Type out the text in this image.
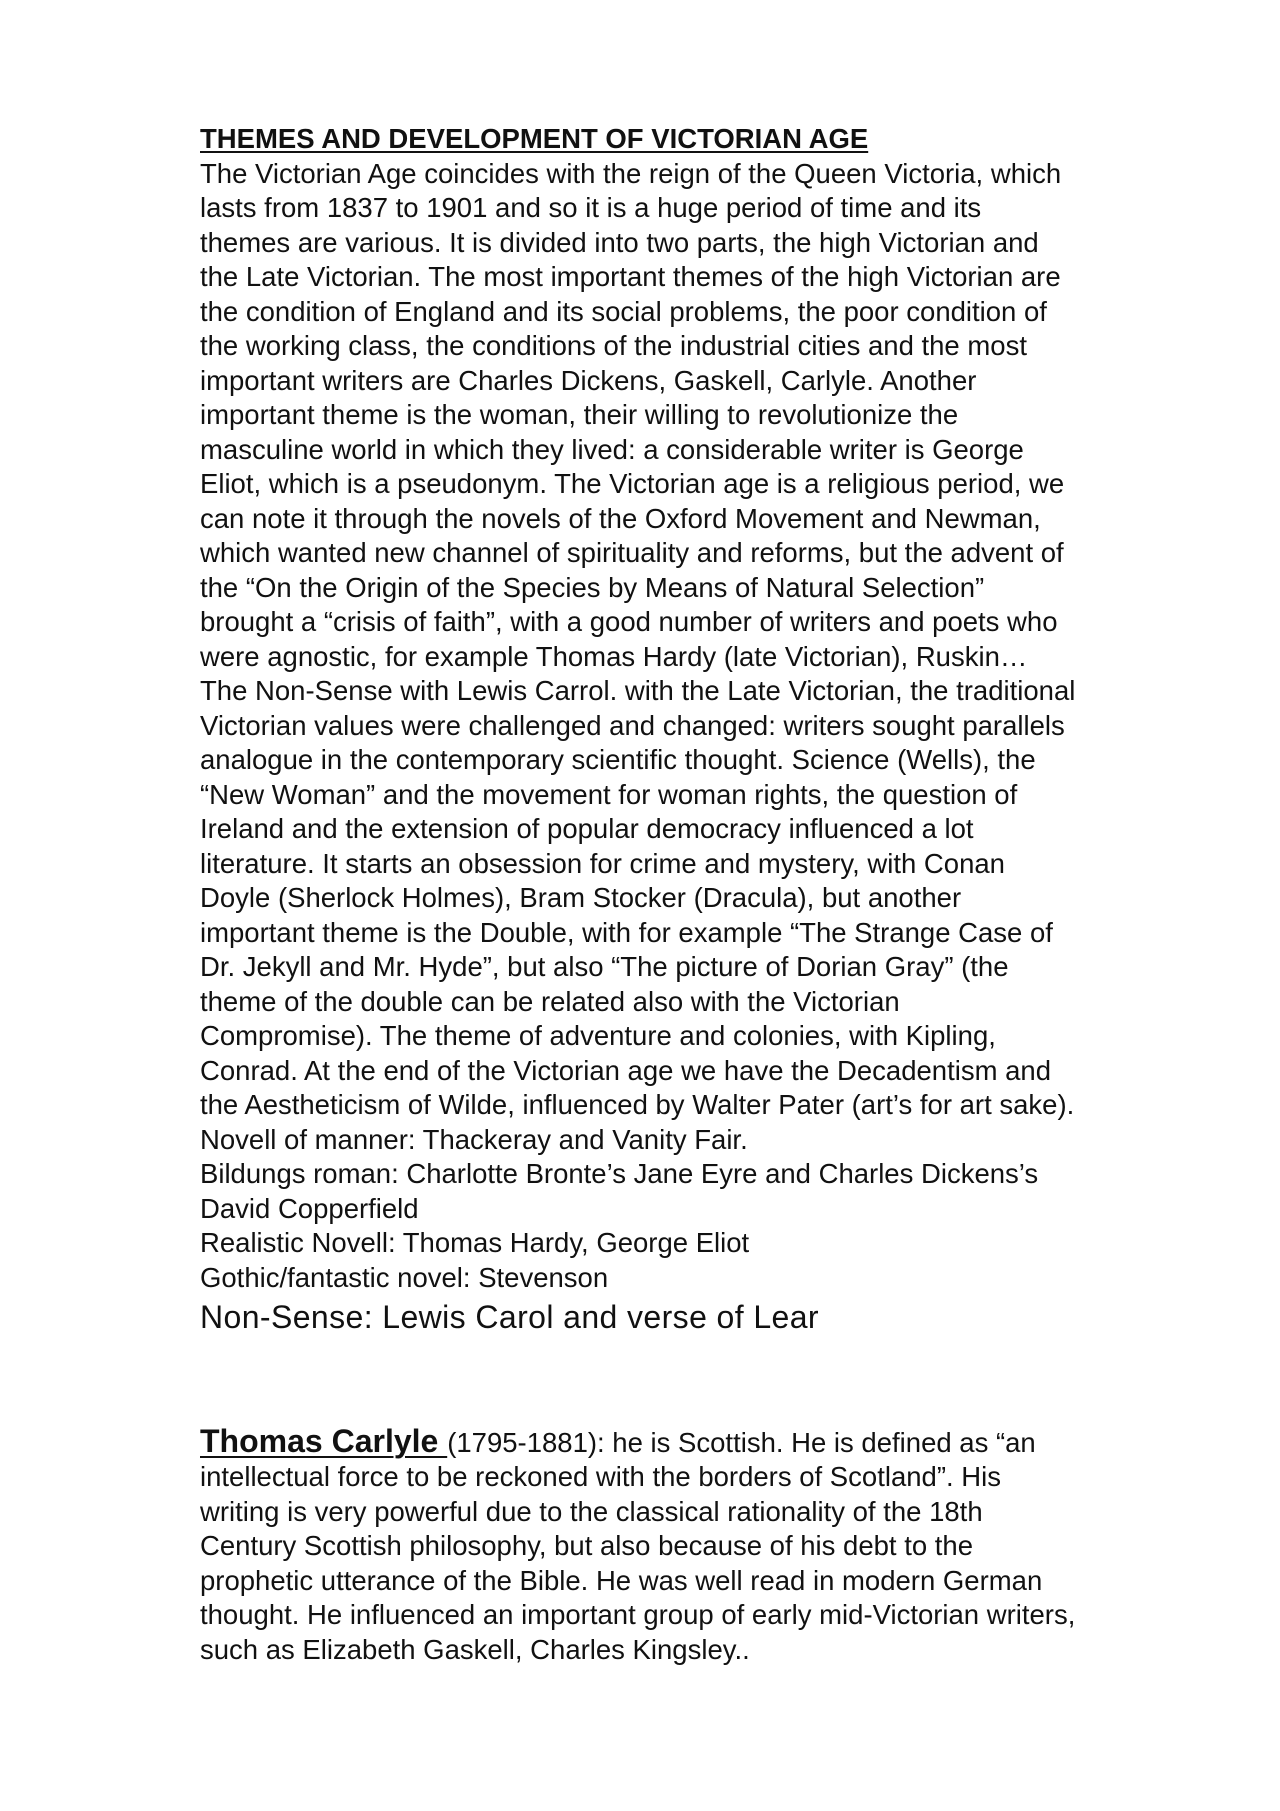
THEMES AND DEVELOPMENT OF VICTORIAN AGE
The Victorian Age coincides with the reign of the Queen Victoria, which
lasts from 1837 to 1901 and so it is a huge period of time and its
themes are various. It is divided into two parts, the high Victorian and
the Late Victorian. The most important themes of the high Victorian are
the condition of England and its social problems, the poor condition of
the working class, the conditions of the industrial cities and the most
important writers are Charles Dickens, Gaskell, Carlyle. Another
important theme is the woman, their willing to revolutionize the
masculine world in which they lived: a considerable writer is George
Eliot, which is a pseudonym. The Victorian age is a religious period, we
can note it through the novels of the Oxford Movement and Newman,
which wanted new channel of spirituality and reforms, but the advent of
the “On the Origin of the Species by Means of Natural Selection”
brought a “crisis of faith”, with a good number of writers and poets who
were agnostic, for example Thomas Hardy (late Victorian), Ruskin…
The Non-Sense with Lewis Carrol. with the Late Victorian, the traditional
Victorian values were challenged and changed: writers sought parallels
analogue in the contemporary scientific thought. Science (Wells), the
“New Woman” and the movement for woman rights, the question of
Ireland and the extension of popular democracy influenced a lot
literature. It starts an obsession for crime and mystery, with Conan
Doyle (Sherlock Holmes), Bram Stocker (Dracula), but another
important theme is the Double, with for example “The Strange Case of
Dr. Jekyll and Mr. Hyde”, but also “The picture of Dorian Gray” (the
theme of the double can be related also with the Victorian
Compromise). The theme of adventure and colonies, with Kipling,
Conrad. At the end of the Victorian age we have the Decadentism and
the Aestheticism of Wilde, influenced by Walter Pater (art’s for art sake).
Novell of manner: Thackeray and Vanity Fair.
Bildungs roman: Charlotte Bronte’s Jane Eyre and Charles Dickens’s
David Copperfield
Realistic Novell: Thomas Hardy, George Eliot
Gothic/fantastic novel: Stevenson
Non-Sense: Lewis Carol and verse of Lear
Thomas Carlyle (1795-1881): he is Scottish. He is defined as “an
intellectual force to be reckoned with the borders of Scotland”. His
writing is very powerful due to the classical rationality of the 18th
Century Scottish philosophy, but also because of his debt to the
prophetic utterance of the Bible. He was well read in modern German
thought. He influenced an important group of early mid-Victorian writers,
such as Elizabeth Gaskell, Charles Kingsley..
